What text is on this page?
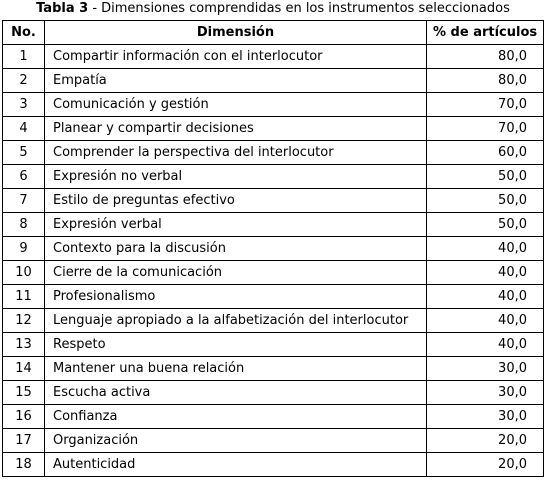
Tabla 3 - Dimensiones comprendidas en los instrumentos seleccionados
No.	Dimensión	% de artículos
1	Compartir información con el interlocutor	80,0
2	Empatía	80,0
3	Comunicación y gestión	70,0
4	Planear y compartir decisiones	70,0
5	Comprender la perspectiva del interlocutor	60,0
6	Expresión no verbal	50,0
7	Estilo de preguntas efectivo	50,0
8	Expresión verbal	50,0
9	Contexto para la discusión	40,0
10	Cierre de la comunicación	40,0
11	Profesionalismo	40,0
12	Lenguaje apropiado a la alfabetización del interlocutor	40,0
13	Respeto	40,0
14	Mantener una buena relación	30,0
15	Escucha activa	30,0
16	Confianza	30,0
17	Organización	20,0
18	Autenticidad	20,0
